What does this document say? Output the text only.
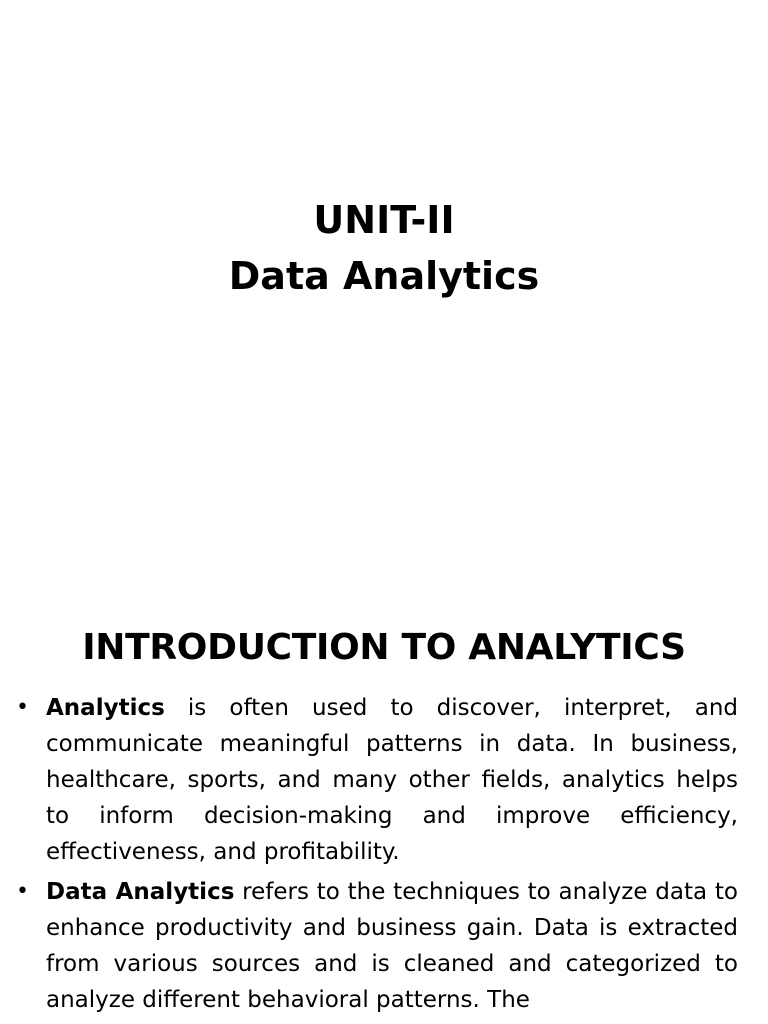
UNIT-II
Data Analytics
INTRODUCTION TO ANALYTICS
• Analytics is often used to discover, interpret, and communicate meaningful patterns in data. In business, healthcare, sports, and many other fields, analytics helps to inform decision-making and improve efficiency, effectiveness, and profitability.
• Data Analytics refers to the techniques to analyze data to enhance productivity and business gain. Data is extracted from various sources and is cleaned and categorized to analyze different behavioral patterns. The
